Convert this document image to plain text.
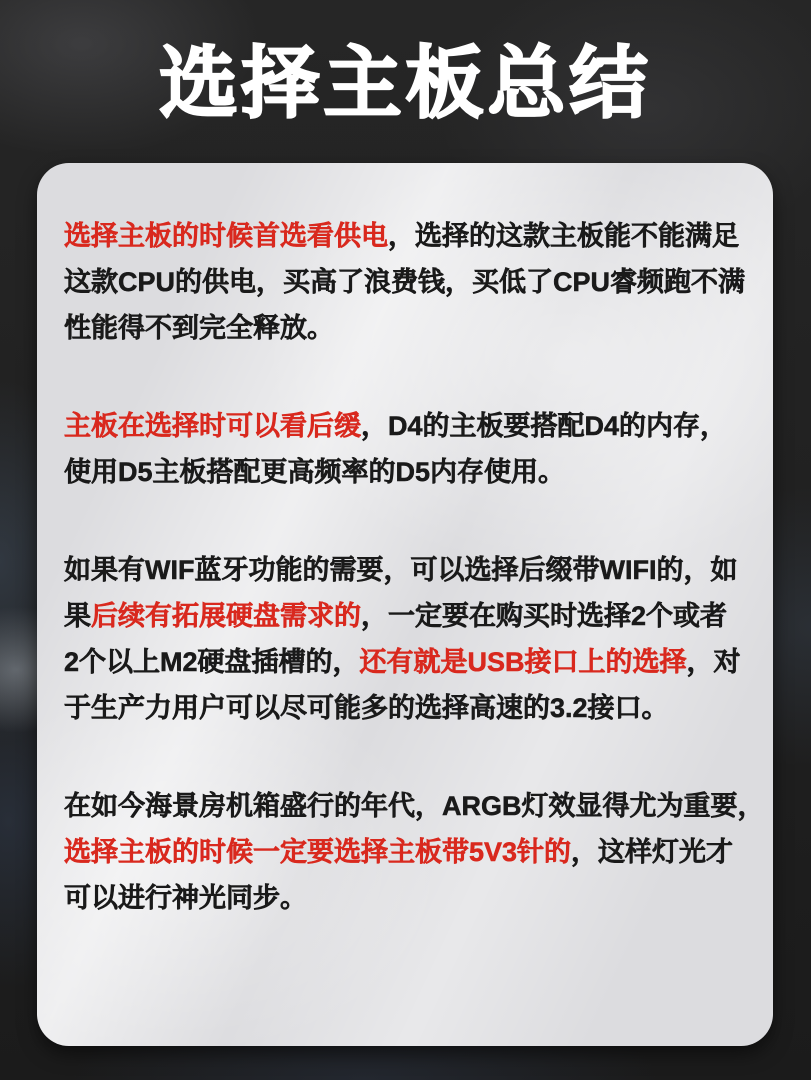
选择主板总结
选择主板的时候首选看供电，选择的这款主板能不能满足
这款CPU的供电，买高了浪费钱，买低了CPU睿频跑不满
性能得不到完全释放。
主板在选择时可以看后缓，D4的主板要搭配D4的内存，
使用D5主板搭配更高频率的D5内存使用。
如果有WIF蓝牙功能的需要，可以选择后缀带WIFI的，如
果后续有拓展硬盘需求的，一定要在购买时选择2个或者
2个以上M2硬盘插槽的，还有就是USB接口上的选择，对
于生产力用户可以尽可能多的选择高速的3.2接口。
在如今海景房机箱盛行的年代，ARGB灯效显得尤为重要，
选择主板的时候一定要选择主板带5V3针的，这样灯光才
可以进行神光同步。
